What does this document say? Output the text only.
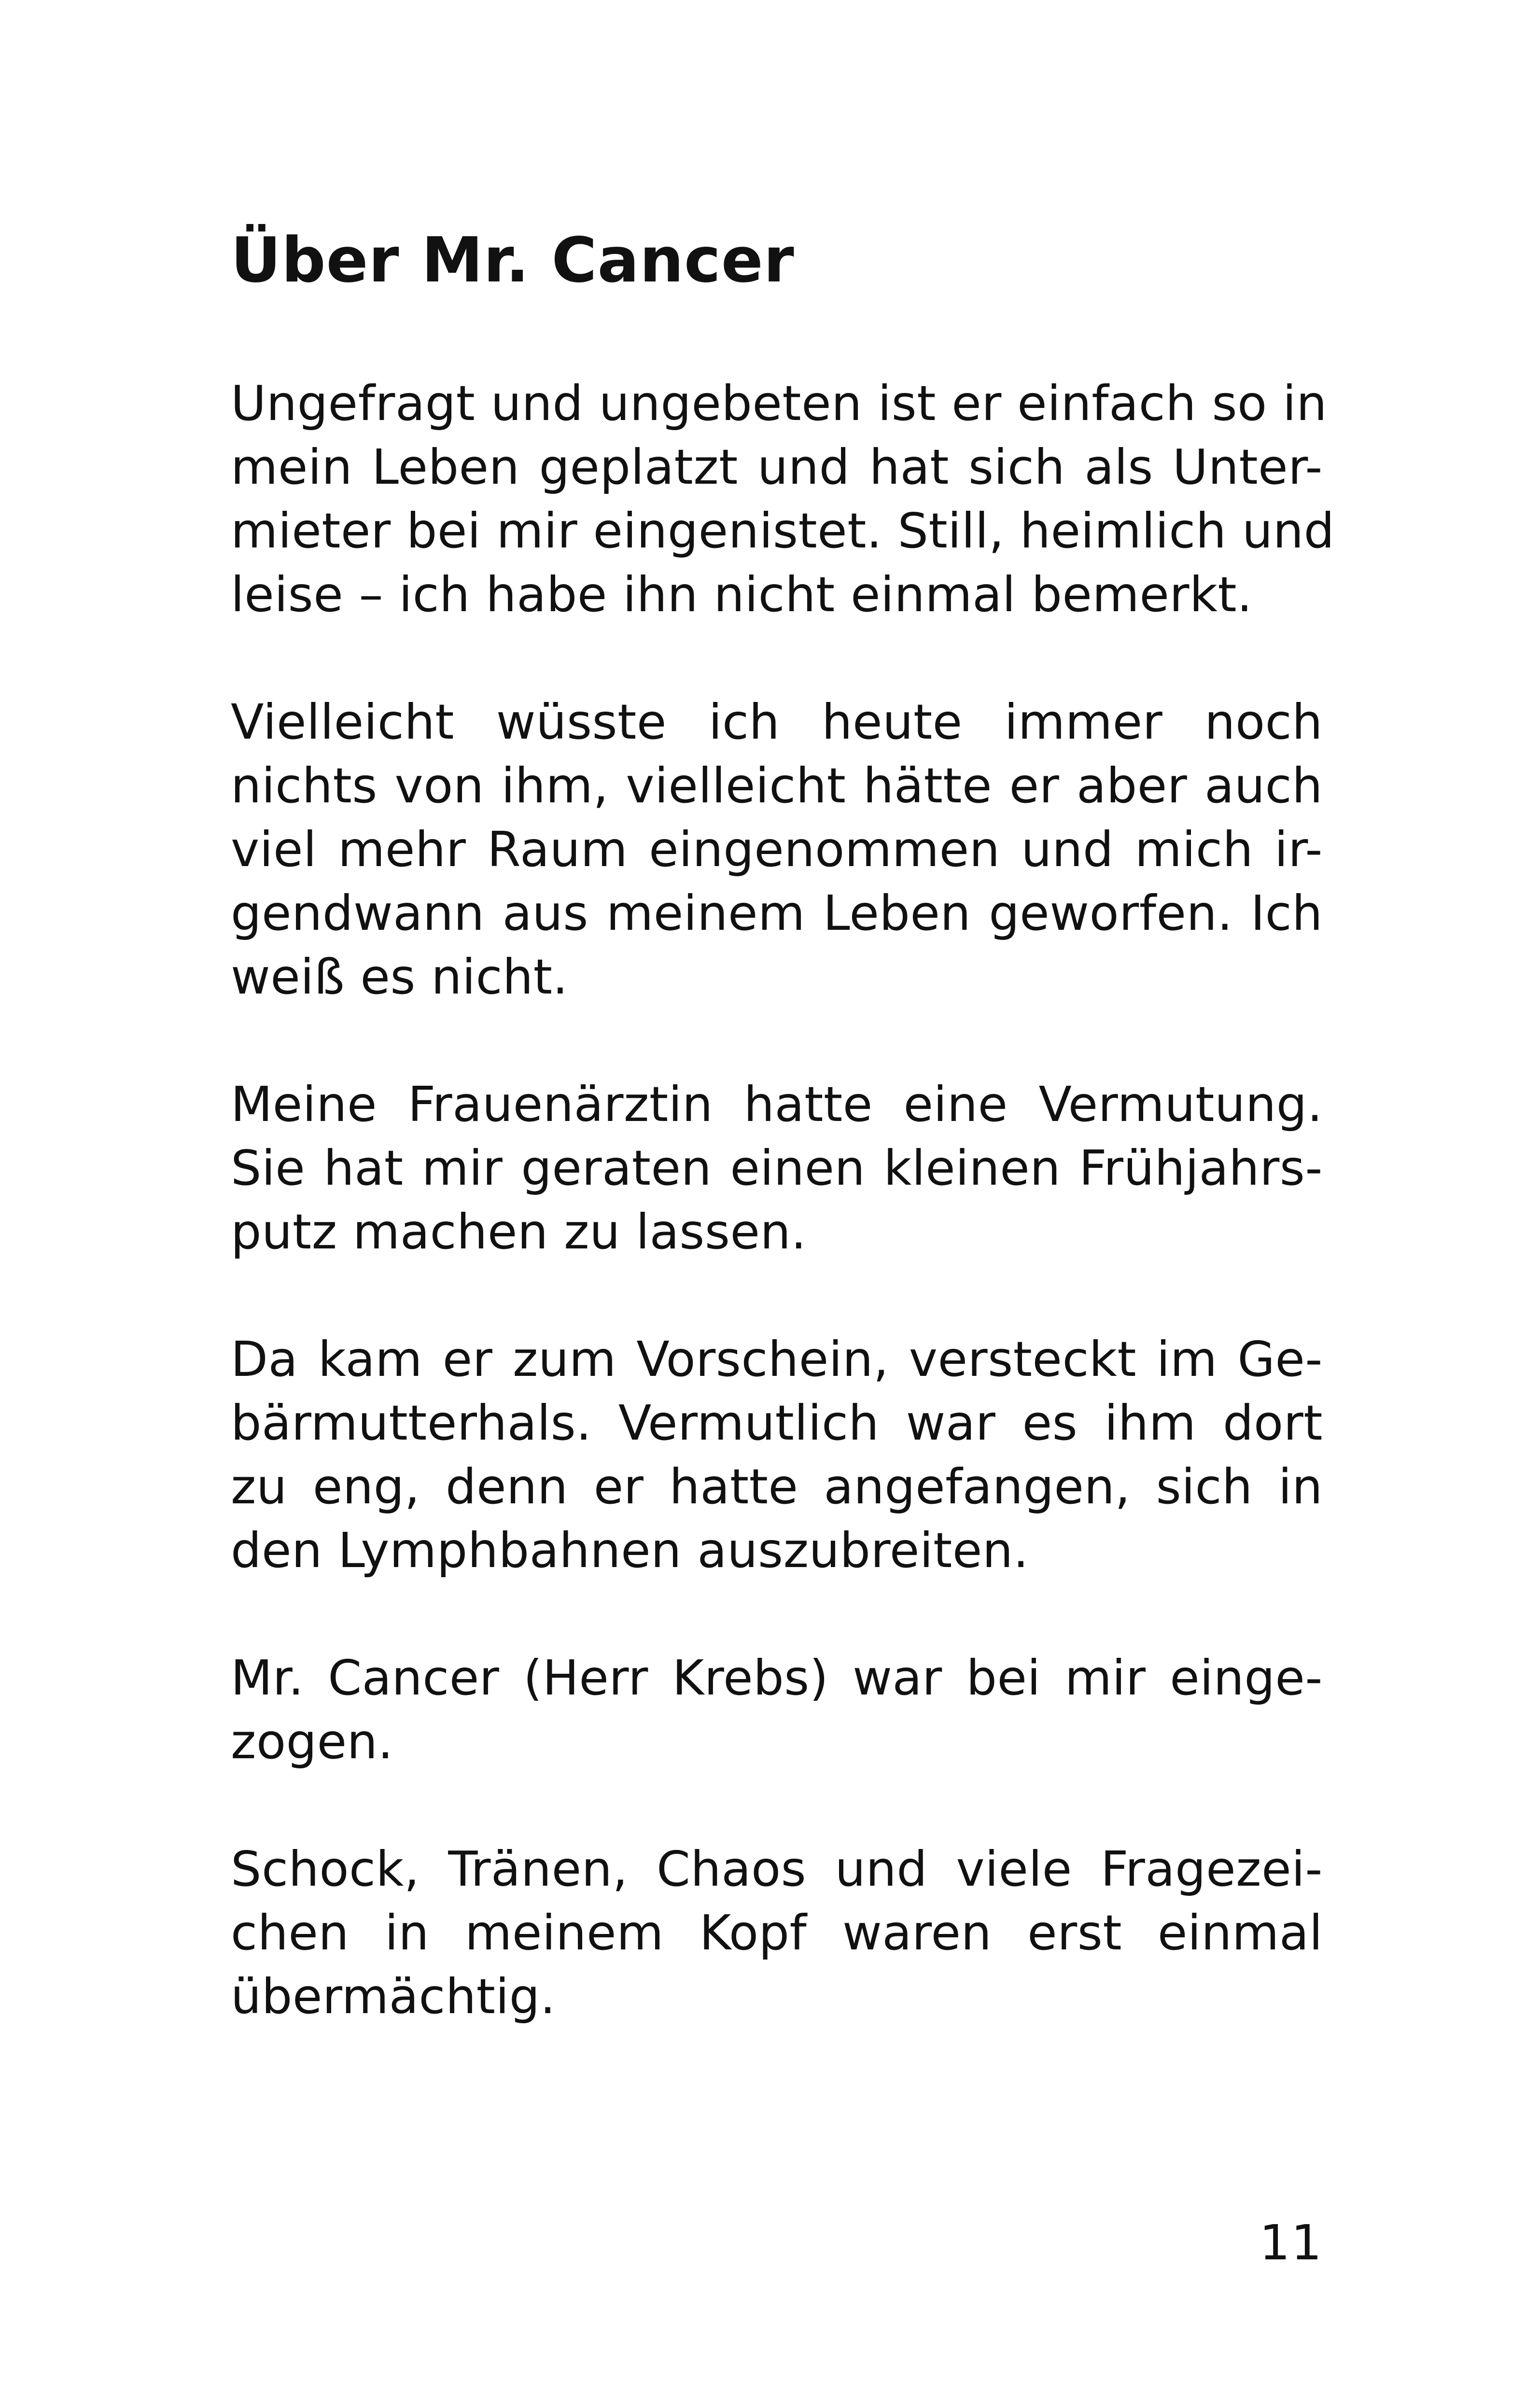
Über Mr. Cancer
Ungefragt und ungebeten ist er einfach so in
mein Leben geplatzt und hat sich als Unter-
mieter bei mir eingenistet. Still, heimlich und
leise – ich habe ihn nicht einmal bemerkt.
Vielleicht wüsste ich heute immer noch
nichts von ihm, vielleicht hätte er aber auch
viel mehr Raum eingenommen und mich ir-
gendwann aus meinem Leben geworfen. Ich
weiß es nicht.
Meine Frauenärztin hatte eine Vermutung.
Sie hat mir geraten einen kleinen Frühjahrs-
putz machen zu lassen.
Da kam er zum Vorschein, versteckt im Ge-
bärmutterhals. Vermutlich war es ihm dort
zu eng, denn er hatte angefangen, sich in
den Lymphbahnen auszubreiten.
Mr. Cancer (Herr Krebs) war bei mir einge-
zogen.
Schock, Tränen, Chaos und viele Fragezei-
chen in meinem Kopf waren erst einmal
übermächtig.
11
